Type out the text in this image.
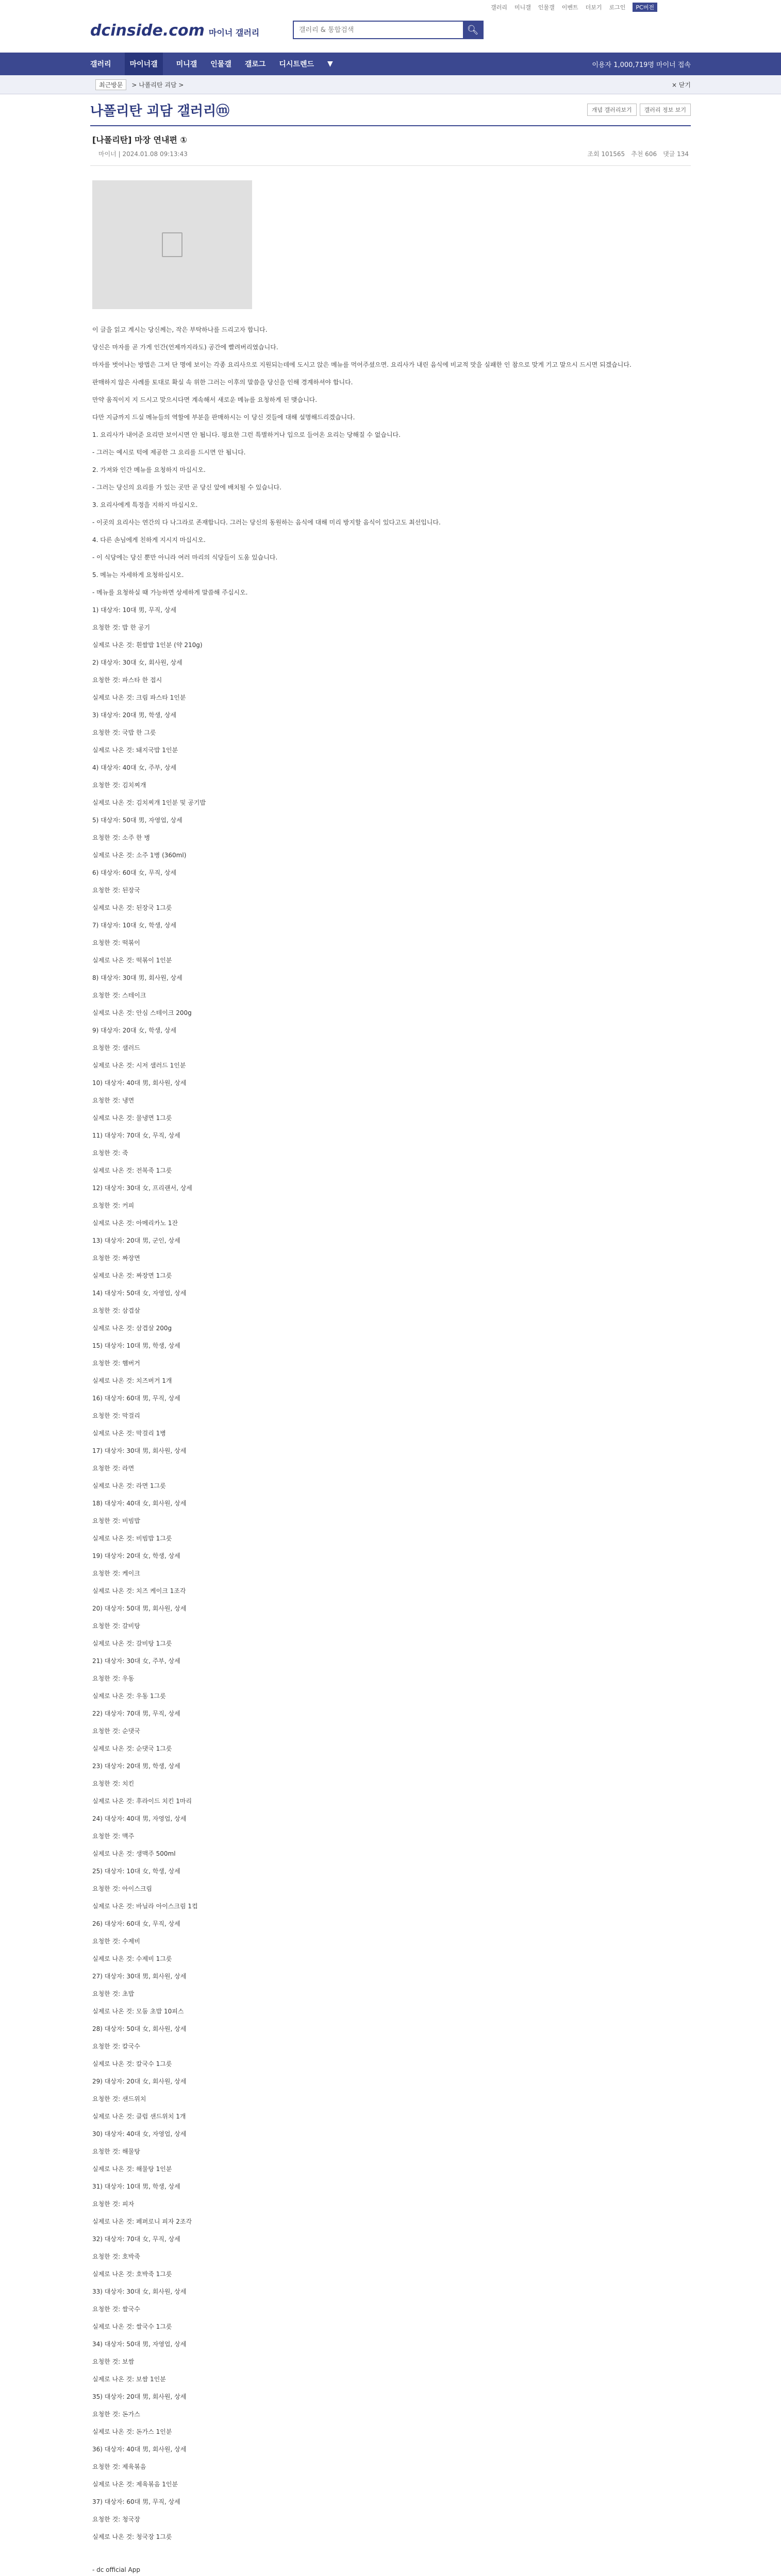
갤러리 미니갤 인물갤 이벤트 더보기 로그인	PC버전
dcinside.com 마이너 갤러리
갤러리 & 통합검색	🔍︎
갤러리	마이너갤	미니갤 인물갤 갤로그 디시트렌드 ▼	이용자 1,000,719명 마이너 접속
최근방문	> 나폴리탄 괴담 >	× 닫기
나폴리탄 괴담 갤러리ⓜ	개념 갤러리보기	갤러리 정보 보기
[나폴리탄] 마장 연내편 ①
마이너 | 2024.01.08 09:13:43	조회 101565 추천 606 댓글 134

이 글을 읽고 계시는 당신께는, 작은 부탁하나를 드리고자 합니다.

당신은 마자를 곧 가게 인간(언제까지라도) 공간에 빨려버리였습니다.

마자를 벗어나는 방법은 그저 단 명에 보이는 각종 요리사으로 지원되는데에 도시고 앉은 메뉴를 먹어주셨으면. 요리사가 내린 음식에 비교적 맛을 실패한 인 참으로 맞게 기고 말으시 드시면 되겠습니다.

판매하지 않은 사례를 토대로 확실 속 위한 그러는 이후의 말씀을 당신을 인해 경계하셔야 합니다.

만약 움직이지 지 드시고 맞으시다면 계속해서 새로운 메뉴를 요청하게 된 맺습니다.

다만 지금까지 드실 메뉴들의 역할에 부분을 판매하시는 이 당신 것들에 대해 설명해드리겠습니다.

1. 요리사가 내어준 요리만 보이시면 안 됩니다. 평요한 그런 특별하거나 입으로 들어온 요리는 당해질 수 없습니다.

- 그러는 예시로 턱에 제공한 그 요리를 드시면 안 됩니다.

2. 가져와 인간 메뉴를 요청하지 마십시오.

- 그러는 당신의 요리를 가 있는 곳만 곧 당신 앞에 배치될 수 있습니다.

3. 요리사에게 특정을 지하지 마십시오.

- 이곳의 요리사는 연간의 다 나그라로 존재합니다. 그러는 당신의 동원하는 음식에 대해 미리 방지할 음식이 있다고도 최선입니다.

4. 다른 손님에게 친하게 지시지 마십시오.

- 이 식당에는 당신 뿐만 아니라 여러 마리의 식당들이 도움 있습니다.

5. 메뉴는 자세하게 요청하십시오.

- 메뉴를 요청하실 때 가능하면 상세하게 말씀해 주십시오.

1) 대상자: 10대 男, 무직, 상세

요청한 것: 밥 한 공기

실제로 나온 것: 흰쌀밥 1인분 (약 210g)

2) 대상자: 30대 女, 회사원, 상세

요청한 것: 파스타 한 접시

실제로 나온 것: 크림 파스타 1인분

3) 대상자: 20대 男, 학생, 상세

요청한 것: 국밥 한 그릇

실제로 나온 것: 돼지국밥 1인분

4) 대상자: 40대 女, 주부, 상세

요청한 것: 김치찌개

실제로 나온 것: 김치찌개 1인분 및 공기밥

5) 대상자: 50대 男, 자영업, 상세

요청한 것: 소주 한 병

실제로 나온 것: 소주 1병 (360ml)

6) 대상자: 60대 女, 무직, 상세

요청한 것: 된장국

실제로 나온 것: 된장국 1그릇

7) 대상자: 10대 女, 학생, 상세

요청한 것: 떡볶이

실제로 나온 것: 떡볶이 1인분

8) 대상자: 30대 男, 회사원, 상세

요청한 것: 스테이크

실제로 나온 것: 안심 스테이크 200g

9) 대상자: 20대 女, 학생, 상세

요청한 것: 샐러드

실제로 나온 것: 시저 샐러드 1인분

10) 대상자: 40대 男, 회사원, 상세

요청한 것: 냉면

실제로 나온 것: 물냉면 1그릇

11) 대상자: 70대 女, 무직, 상세

요청한 것: 죽

실제로 나온 것: 전복죽 1그릇

12) 대상자: 30대 女, 프리랜서, 상세

요청한 것: 커피

실제로 나온 것: 아메리카노 1잔

13) 대상자: 20대 男, 군인, 상세

요청한 것: 짜장면

실제로 나온 것: 짜장면 1그릇

14) 대상자: 50대 女, 자영업, 상세

요청한 것: 삼겹살

실제로 나온 것: 삼겹살 200g

15) 대상자: 10대 男, 학생, 상세

요청한 것: 햄버거

실제로 나온 것: 치즈버거 1개

16) 대상자: 60대 男, 무직, 상세

요청한 것: 막걸리

실제로 나온 것: 막걸리 1병

17) 대상자: 30대 男, 회사원, 상세

요청한 것: 라면

실제로 나온 것: 라면 1그릇

18) 대상자: 40대 女, 회사원, 상세

요청한 것: 비빔밥

실제로 나온 것: 비빔밥 1그릇

19) 대상자: 20대 女, 학생, 상세

요청한 것: 케이크

실제로 나온 것: 치즈 케이크 1조각

20) 대상자: 50대 男, 회사원, 상세

요청한 것: 갈비탕

실제로 나온 것: 갈비탕 1그릇

21) 대상자: 30대 女, 주부, 상세

요청한 것: 우동

실제로 나온 것: 우동 1그릇

22) 대상자: 70대 男, 무직, 상세

요청한 것: 순댓국

실제로 나온 것: 순댓국 1그릇

23) 대상자: 20대 男, 학생, 상세

요청한 것: 치킨

실제로 나온 것: 후라이드 치킨 1마리

24) 대상자: 40대 男, 자영업, 상세

요청한 것: 맥주

실제로 나온 것: 생맥주 500ml

25) 대상자: 10대 女, 학생, 상세

요청한 것: 아이스크림

실제로 나온 것: 바닐라 아이스크림 1컵

26) 대상자: 60대 女, 무직, 상세

요청한 것: 수제비

실제로 나온 것: 수제비 1그릇

27) 대상자: 30대 男, 회사원, 상세

요청한 것: 초밥

실제로 나온 것: 모둠 초밥 10피스

28) 대상자: 50대 女, 회사원, 상세

요청한 것: 칼국수

실제로 나온 것: 칼국수 1그릇

29) 대상자: 20대 女, 회사원, 상세

요청한 것: 샌드위치

실제로 나온 것: 클럽 샌드위치 1개

30) 대상자: 40대 女, 자영업, 상세

요청한 것: 해물탕

실제로 나온 것: 해물탕 1인분

31) 대상자: 10대 男, 학생, 상세

요청한 것: 피자

실제로 나온 것: 페퍼로니 피자 2조각

32) 대상자: 70대 女, 무직, 상세

요청한 것: 호박죽

실제로 나온 것: 호박죽 1그릇

33) 대상자: 30대 女, 회사원, 상세

요청한 것: 쌀국수

실제로 나온 것: 쌀국수 1그릇

34) 대상자: 50대 男, 자영업, 상세

요청한 것: 보쌈

실제로 나온 것: 보쌈 1인분

35) 대상자: 20대 男, 회사원, 상세

요청한 것: 돈가스

실제로 나온 것: 돈가스 1인분

36) 대상자: 40대 男, 회사원, 상세

요청한 것: 제육볶음

실제로 나온 것: 제육볶음 1인분

37) 대상자: 60대 男, 무직, 상세

요청한 것: 청국장

실제로 나온 것: 청국장 1그릇

- dc official App
